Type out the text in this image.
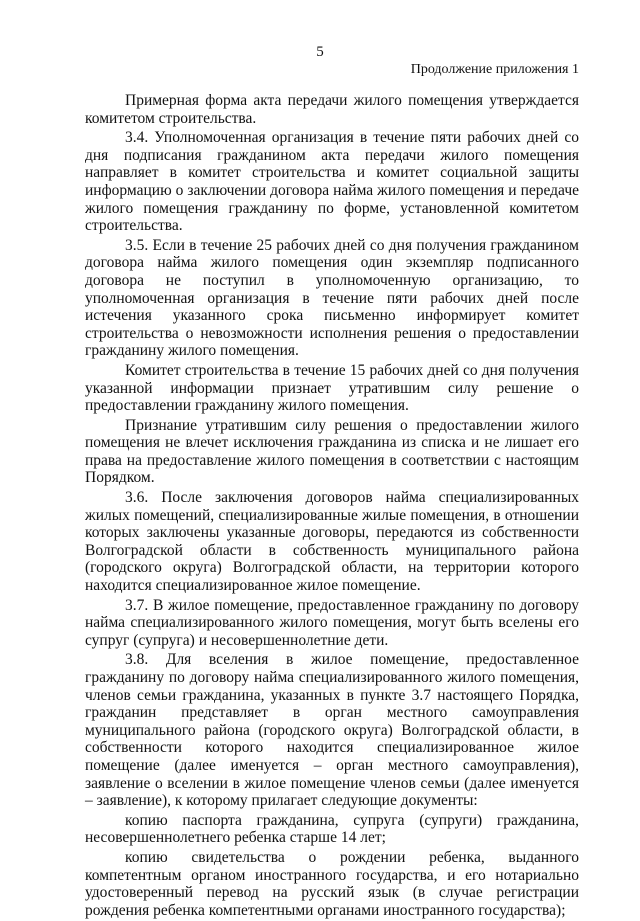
5
Продолжение приложения 1

Примерная форма акта передачи жилого помещения утверждается комитетом строительства.

3.4. Уполномоченная организация в течение пяти рабочих дней со дня подписания гражданином акта передачи жилого помещения направляет в комитет строительства и комитет социальной защиты информацию о заключении договора найма жилого помещения и передаче жилого помещения гражданину по форме, установленной комитетом строительства.

3.5. Если в течение 25 рабочих дней со дня получения гражданином договора найма жилого помещения один экземпляр подписанного договора не поступил в уполномоченную организацию, то уполномоченная организация в течение пяти рабочих дней после истечения указанного срока письменно информирует комитет строительства о невозможности исполнения решения о предоставлении гражданину жилого помещения.

Комитет строительства в течение 15 рабочих дней со дня получения указанной информации признает утратившим силу решение о предоставлении гражданину жилого помещения.

Признание утратившим силу решения о предоставлении жилого помещения не влечет исключения гражданина из списка и не лишает его права на предоставление жилого помещения в соответствии с настоящим Порядком.

3.6. После заключения договоров найма специализированных жилых помещений, специализированные жилые помещения, в отношении которых заключены указанные договоры, передаются из собственности Волгоградской области в собственность муниципального района (городского округа) Волгоградской области, на территории которого находится специализированное жилое помещение.

3.7. В жилое помещение, предоставленное гражданину по договору найма специализированного жилого помещения, могут быть вселены его супруг (супруга) и несовершеннолетние дети.

3.8. Для вселения в жилое помещение, предоставленное гражданину по договору найма специализированного жилого помещения, членов семьи гражданина, указанных в пункте 3.7 настоящего Порядка, гражданин представляет в орган местного самоуправления муниципального района (городского округа) Волгоградской области, в собственности которого находится специализированное жилое помещение (далее именуется – орган местного самоуправления), заявление о вселении в жилое помещение членов семьи (далее именуется – заявление), к которому прилагает следующие документы:

копию паспорта гражданина, супруга (супруги) гражданина, несовершеннолетнего ребенка старше 14 лет;

копию свидетельства о рождении ребенка, выданного компетентным органом иностранного государства, и его нотариально удостоверенный перевод на русский язык (в случае регистрации рождения ребенка компетентными органами иностранного государства);
